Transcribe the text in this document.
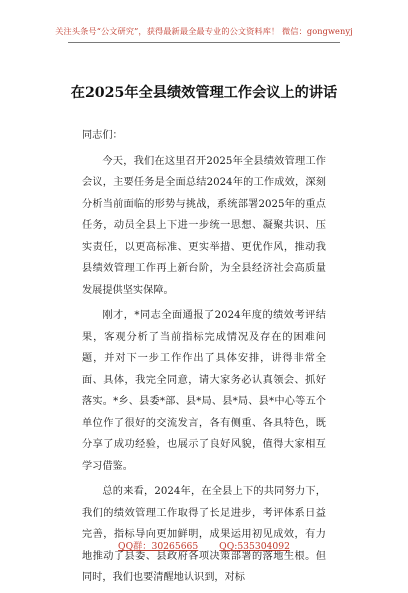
关注头条号“公文研究”，获得最新最全最专业的公文资料库！ 微信：gongwenyj
在2025年全县绩效管理工作会议上的讲话

同志们：

今天，我们在这里召开2025年全县绩效管理工作会议，主要任务是全面总结2024年的工作成效，深刻分析当前面临的形势与挑战，系统部署2025年的重点任务，动员全县上下进一步统一思想、凝聚共识、压实责任，以更高标准、更实举措、更优作风，推动我县绩效管理工作再上新台阶，为全县经济社会高质量发展提供坚实保障。

刚才，*同志全面通报了2024年度的绩效考评结果，客观分析了当前指标完成情况及存在的困难问题，并对下一步工作作出了具体安排，讲得非常全面、具体，我完全同意，请大家务必认真领会、抓好落实。*乡、县委*部、县*局、县*局、县*中心等五个单位作了很好的交流发言，各有侧重、各具特色，既分享了成功经验，也展示了良好风貌，值得大家相互学习借鉴。

总的来看，2024年，在全县上下的共同努力下，我们的绩效管理工作取得了长足进步，考评体系日益完善，指标导向更加鲜明，成果运用初见成效，有力地推动了县委、县政府各项决策部署的落地生根。但同时，我们也要清醒地认识到，对标

QQ群：30265665 QQ:535304092
